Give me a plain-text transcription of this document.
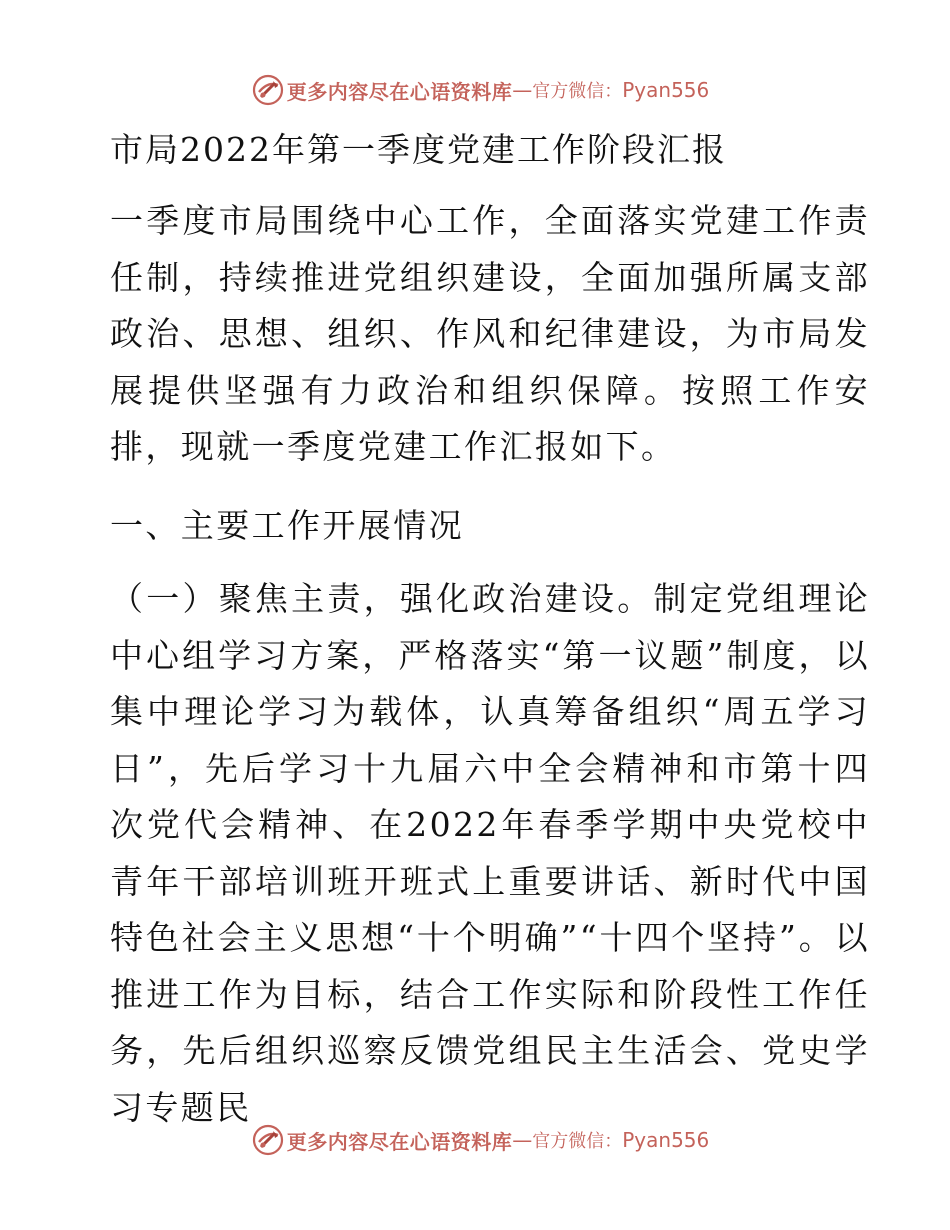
更多内容尽在心语资料库 — 官方微信： Pyan556
市局2022年第一季度党建工作阶段汇报

一季度市局围绕中心工作，全面落实党建工作责任制，持续推进党组织建设，全面加强所属支部政治、思想、组织、作风和纪律建设，为市局发展提供坚强有力政治和组织保障。按照工作安排，现就一季度党建工作汇报如下。

一、主要工作开展情况

（一）聚焦主责，强化政治建设。制定党组理论中心组学习方案，严格落实“第一议题”制度，以集中理论学习为载体，认真筹备组织“周五学习日”，先后学习十九届六中全会精神和市第十四次党代会精神、在2022年春季学期中央党校中青年干部培训班开班式上重要讲话、新时代中国特色社会主义思想“十个明确”“十四个坚持”。以推进工作为目标，结合工作实际和阶段性工作任务，先后组织巡察反馈党组民主生活会、党史学习专题民

更多内容尽在心语资料库 — 官方微信： Pyan556
